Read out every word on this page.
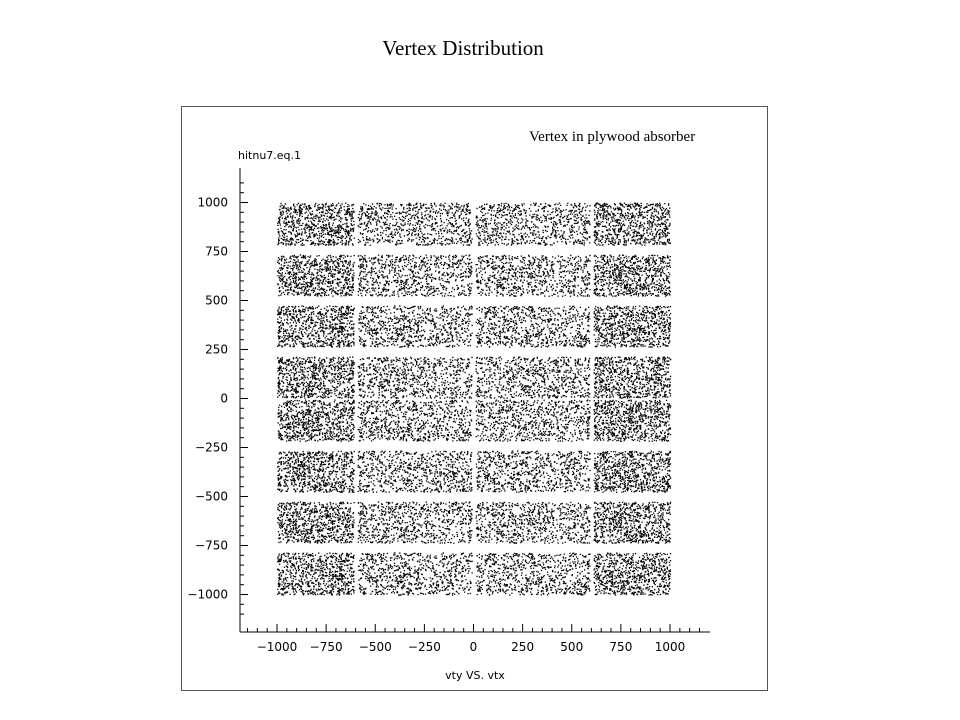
Vertex Distribution
Vertex in plywood absorber
hitnu7.eq.1
1000
750
500
250
0
−250
−500
−750
−1000
−1000 −750 −500 −250 0	250 500 750 1000
vty VS. vtx
